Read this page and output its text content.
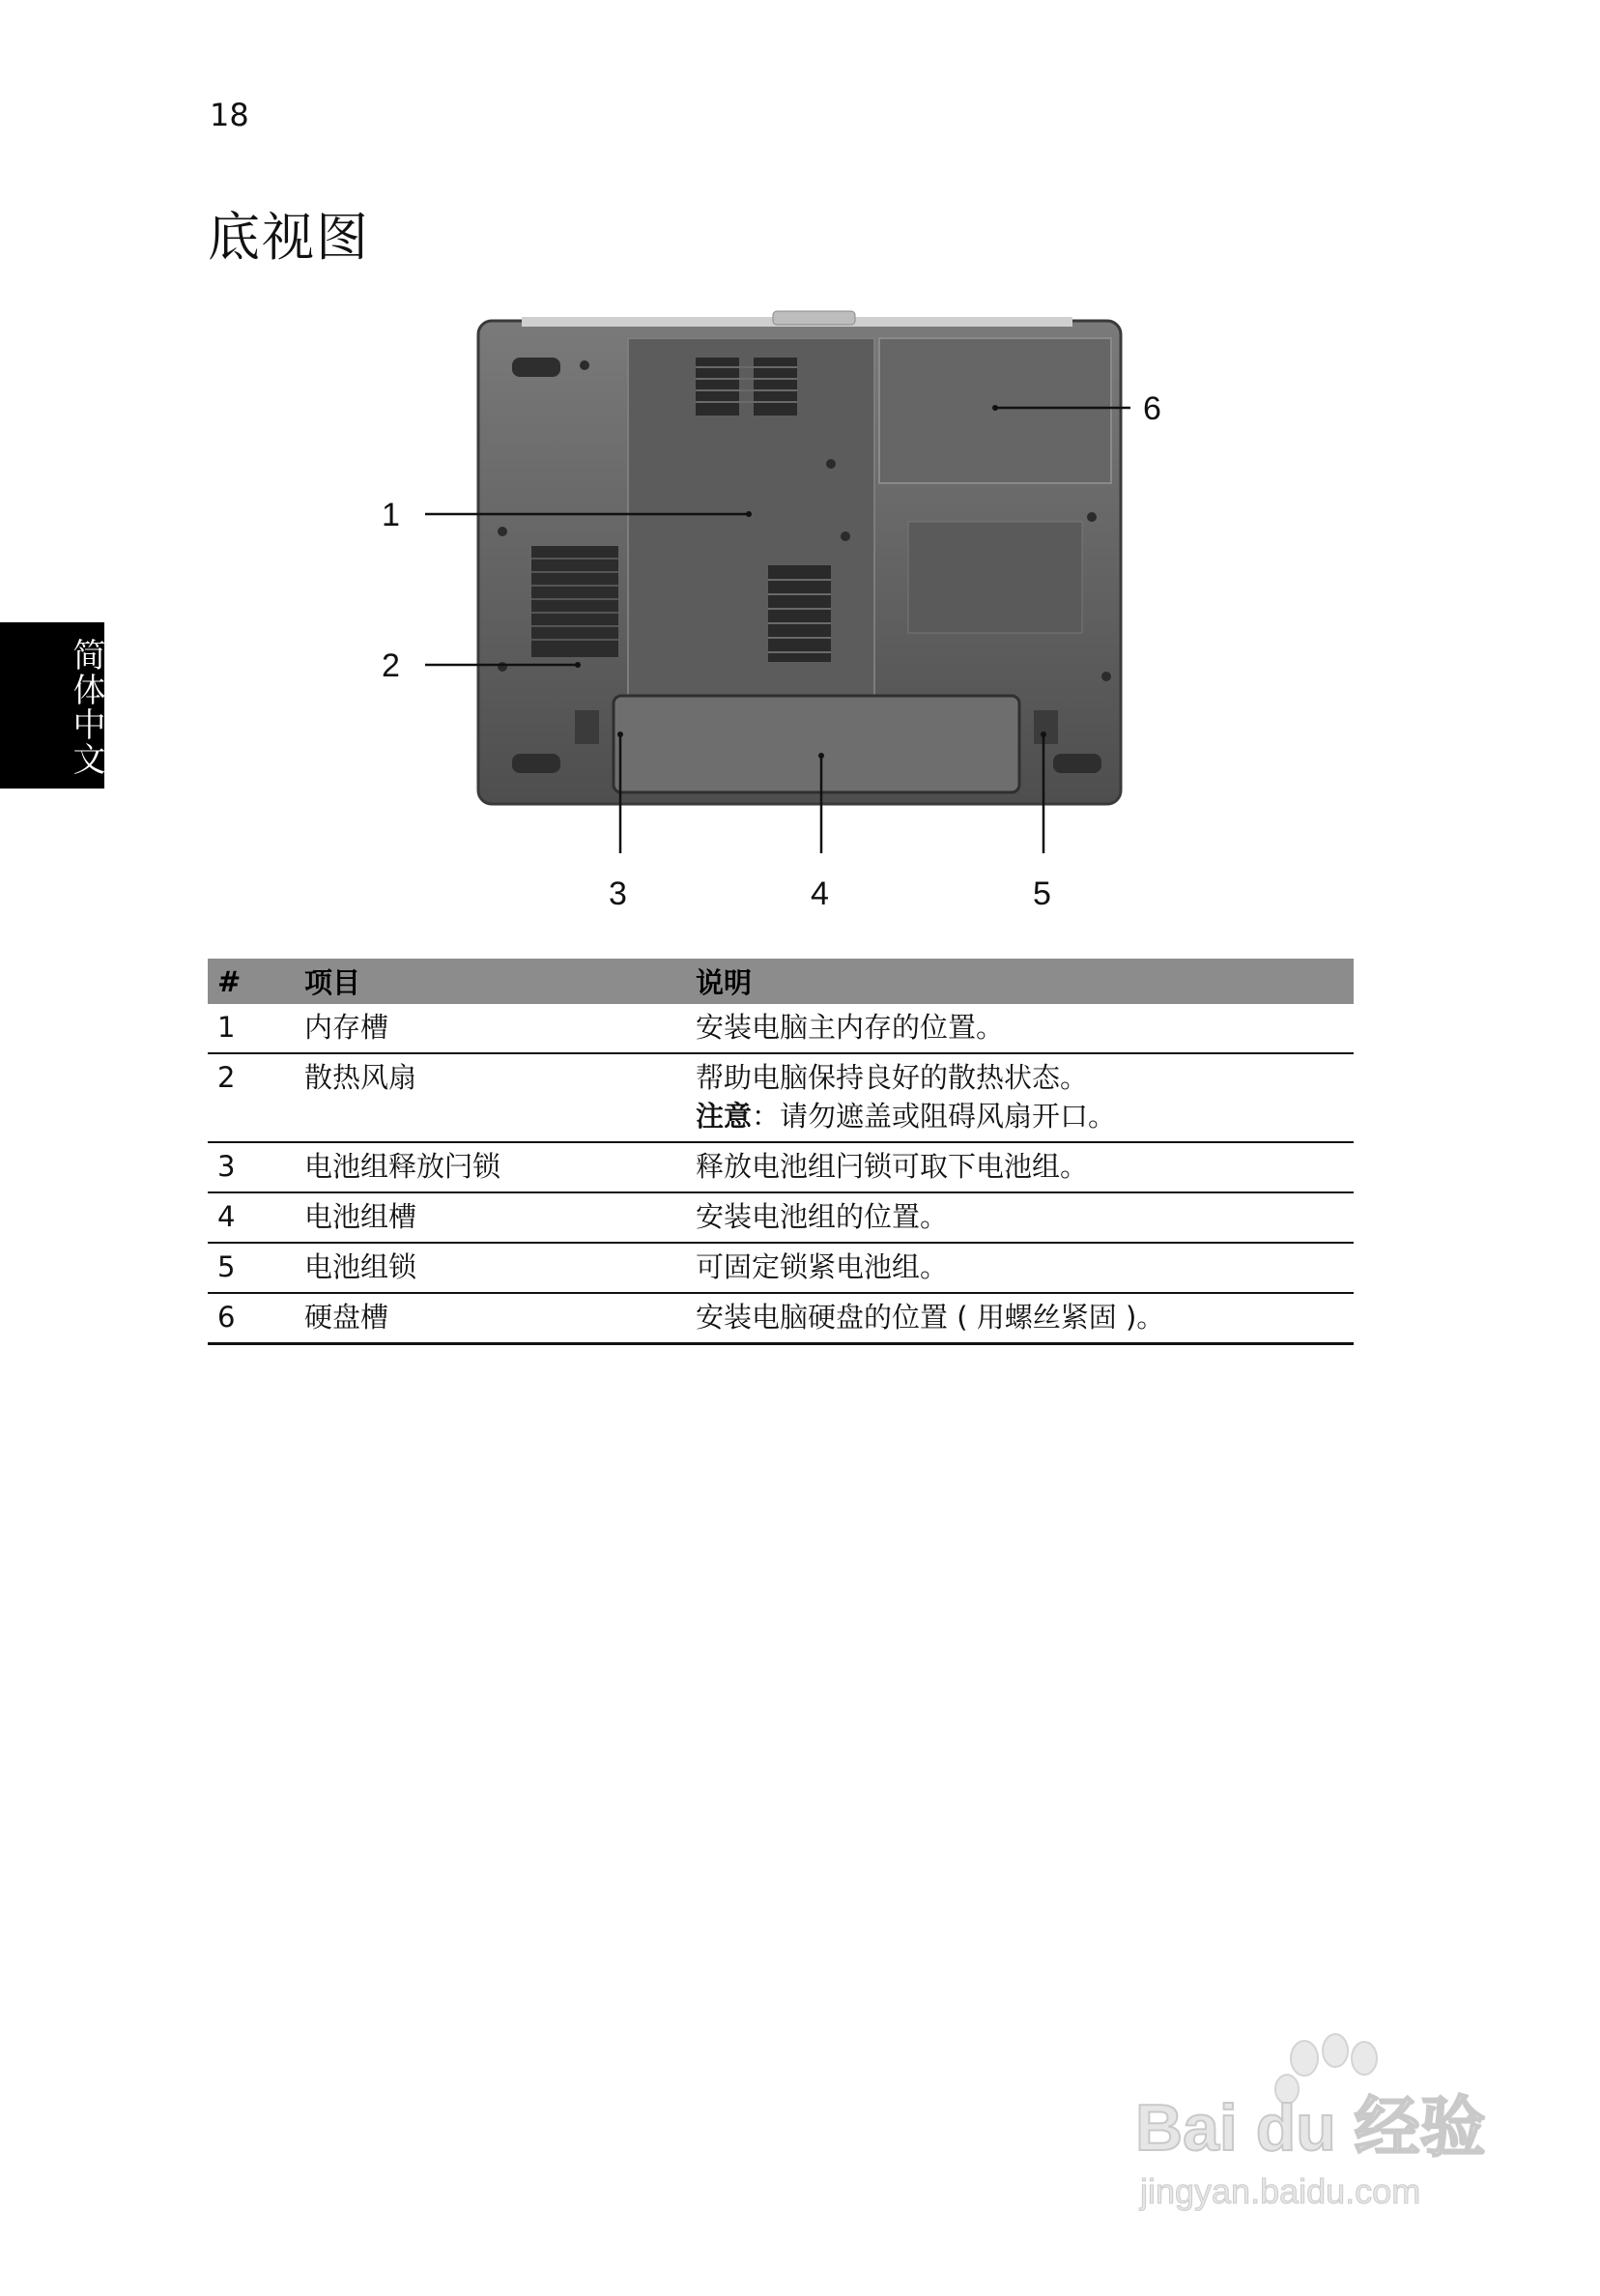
18
底视图
简体中文
1
2
3	4	5
6
#	项目	说明
1	内存槽	安装电脑主内存的位置。
2	散热风扇	帮助电脑保持良好的散热状态。
注意：请勿遮盖或阻碍风扇开口。

3	电池组释放闩锁	释放电池组闩锁可取下电池组。
4	电池组槽	安装电池组的位置。
5	电池组锁	可固定锁紧电池组。
6	硬盘槽	安装电脑硬盘的位置 ( 用螺丝紧固 )。
Bai du 经验
jingyan.baidu.com
